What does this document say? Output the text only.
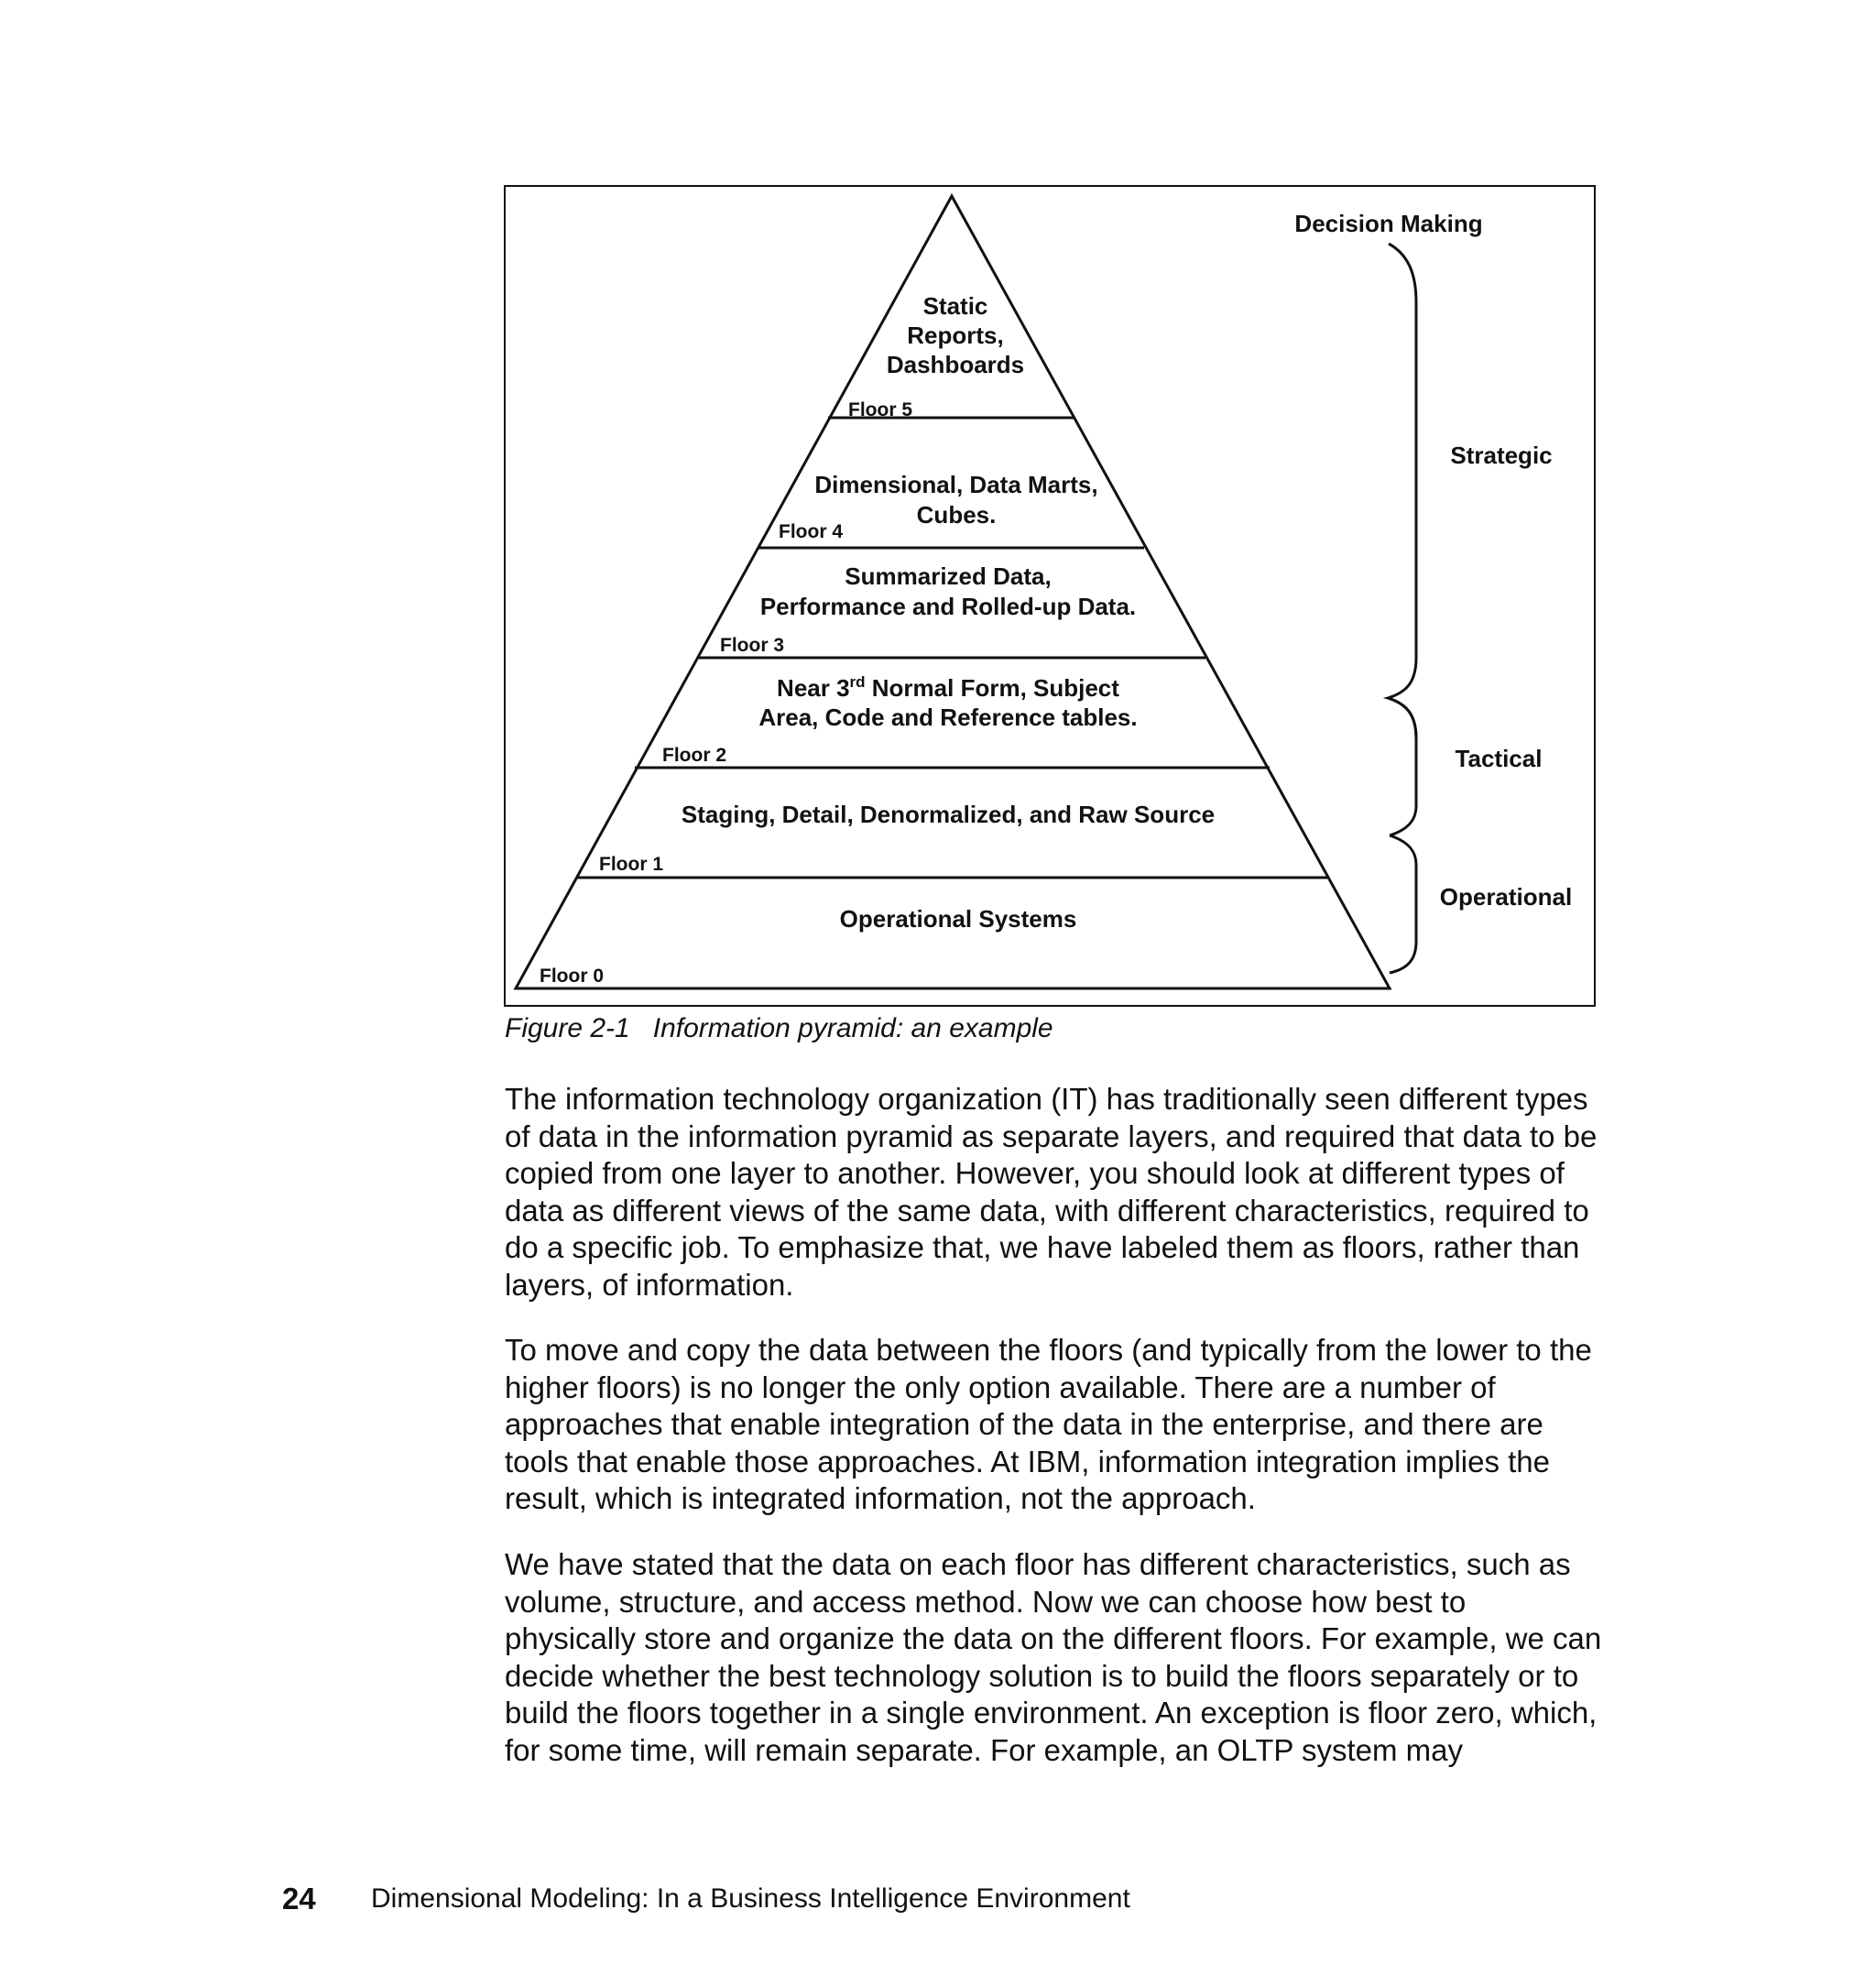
Static
Reports,
Dashboards
Floor 5
Dimensional, Data Marts,
Cubes.
Floor 4
Summarized Data,
Performance and Rolled-up Data.
Floor 3
Near 3rd Normal Form, Subject
Area, Code and Reference tables.
Floor 2
Staging, Detail, Denormalized, and Raw Source
Floor 1
Operational Systems
Floor 0
Decision Making
Strategic
Tactical
Operational
Figure 2-1   Information pyramid: an example

The information technology organization (IT) has traditionally seen different types of data in the information pyramid as separate layers, and required that data to be copied from one layer to another. However, you should look at different types of data as different views of the same data, with different characteristics, required to do a specific job. To emphasize that, we have labeled them as floors, rather than layers, of information.

To move and copy the data between the floors (and typically from the lower to the higher floors) is no longer the only option available. There are a number of approaches that enable integration of the data in the enterprise, and there are tools that enable those approaches. At IBM, information integration implies the result, which is integrated information, not the approach.

We have stated that the data on each floor has different characteristics, such as volume, structure, and access method. Now we can choose how best to physically store and organize the data on the different floors. For example, we can decide whether the best technology solution is to build the floors separately or to build the floors together in a single environment. An exception is floor zero, which, for some time, will remain separate. For example, an OLTP system may

24 Dimensional Modeling: In a Business Intelligence Environment
